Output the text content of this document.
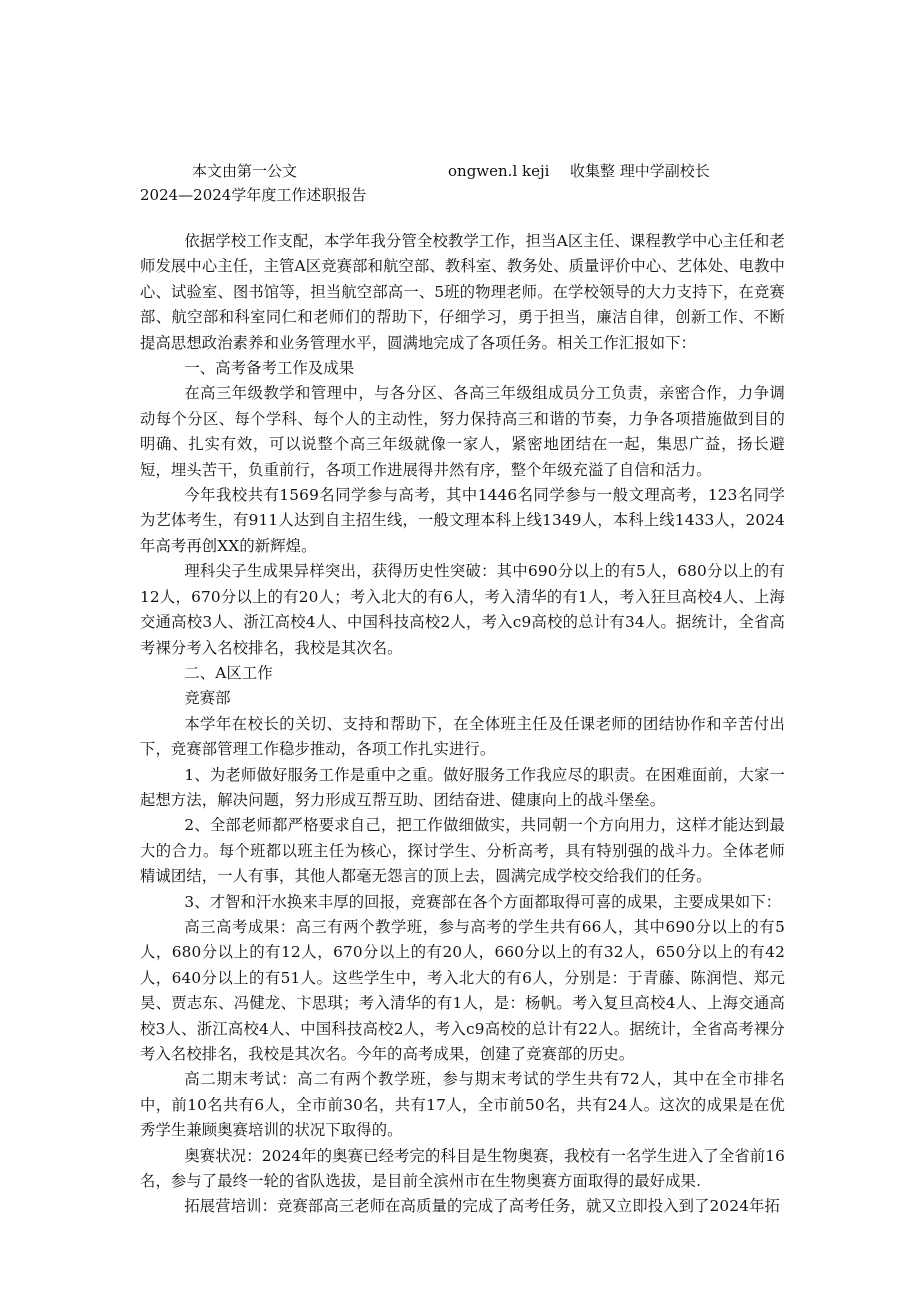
本文由第一公文	ongwen.l keji 收集整 理中学副校长
2024—2024学年度工作述职报告

依据学校工作支配，本学年我分管全校教学工作，担当A区主任、课程教学中心主任和老师发展中心主任，主管A区竞赛部和航空部、教科室、教务处、质量评价中心、艺体处、电教中心、试验室、图书馆等，担当航空部高一、5班的物理老师。在学校领导的大力支持下，在竞赛部、航空部和科室同仁和老师们的帮助下，仔细学习，勇于担当，廉洁自律，创新工作、不断提高思想政治素养和业务管理水平，圆满地完成了各项任务。相关工作汇报如下：

一、高考备考工作及成果

在高三年级教学和管理中，与各分区、各高三年级组成员分工负责，亲密合作，力争调动每个分区、每个学科、每个人的主动性，努力保持高三和谐的节奏，力争各项措施做到目的明确、扎实有效，可以说整个高三年级就像一家人，紧密地团结在一起，集思广益，扬长避短，埋头苦干，负重前行，各项工作进展得井然有序，整个年级充溢了自信和活力。

今年我校共有1569名同学参与高考，其中1446名同学参与一般文理高考，123名同学为艺体考生，有911人达到自主招生线，一般文理本科上线1349人，本科上线1433人，2024年高考再创XX的新辉煌。

理科尖子生成果异样突出，获得历史性突破：其中690分以上的有5人，680分以上的有12人，670分以上的有20人；考入北大的有6人，考入清华的有1人，考入狂旦高校4人、上海交通高校3人、浙江高校4人、中国科技高校2人，考入c9高校的总计有34人。据统计，全省高考裸分考入名校排名，我校是其次名。

二、A区工作

竞赛部

本学年在校长的关切、支持和帮助下，在全体班主任及任课老师的团结协作和辛苦付出下，竞赛部管理工作稳步推动，各项工作扎实进行。

1、为老师做好服务工作是重中之重。做好服务工作我应尽的职责。在困难面前，大家一起想方法，解决问题，努力形成互帮互助、团结奋进、健康向上的战斗堡垒。

2、全部老师都严格要求自己，把工作做细做实，共同朝一个方向用力，这样才能达到最大的合力。每个班都以班主任为核心，探讨学生、分析高考，具有特别强的战斗力。全体老师精诚团结，一人有事，其他人都毫无怨言的顶上去，圆满完成学校交给我们的任务。

3、才智和汗水换来丰厚的回报，竞赛部在各个方面都取得可喜的成果，主要成果如下：

高三高考成果：高三有两个教学班，参与高考的学生共有66人，其中690分以上的有5人，680分以上的有12人，670分以上的有20人，660分以上的有32人，650分以上的有42人，640分以上的有51人。这些学生中，考入北大的有6人，分别是：于青藤、陈润恺、郑元昊、贾志东、冯健龙、卞思琪；考入清华的有1人，是：杨帆。考入复旦高校4人、上海交通高校3人、浙江高校4人、中国科技高校2人，考入c9高校的总计有22人。据统计，全省高考裸分考入名校排名，我校是其次名。今年的高考成果，创建了竞赛部的历史。

高二期末考试：高二有两个教学班，参与期末考试的学生共有72人，其中在全市排名中，前10名共有6人，全市前30名，共有17人，全市前50名，共有24人。这次的成果是在优秀学生兼顾奥赛培训的状况下取得的。

奥赛状况：2024年的奥赛已经考完的科目是生物奥赛，我校有一名学生进入了全省前16名，参与了最终一轮的省队选拔，是目前全滨州市在生物奥赛方面取得的最好成果.

拓展营培训：竞赛部高三老师在高质量的完成了高考任务，就又立即投入到了2024年拓
